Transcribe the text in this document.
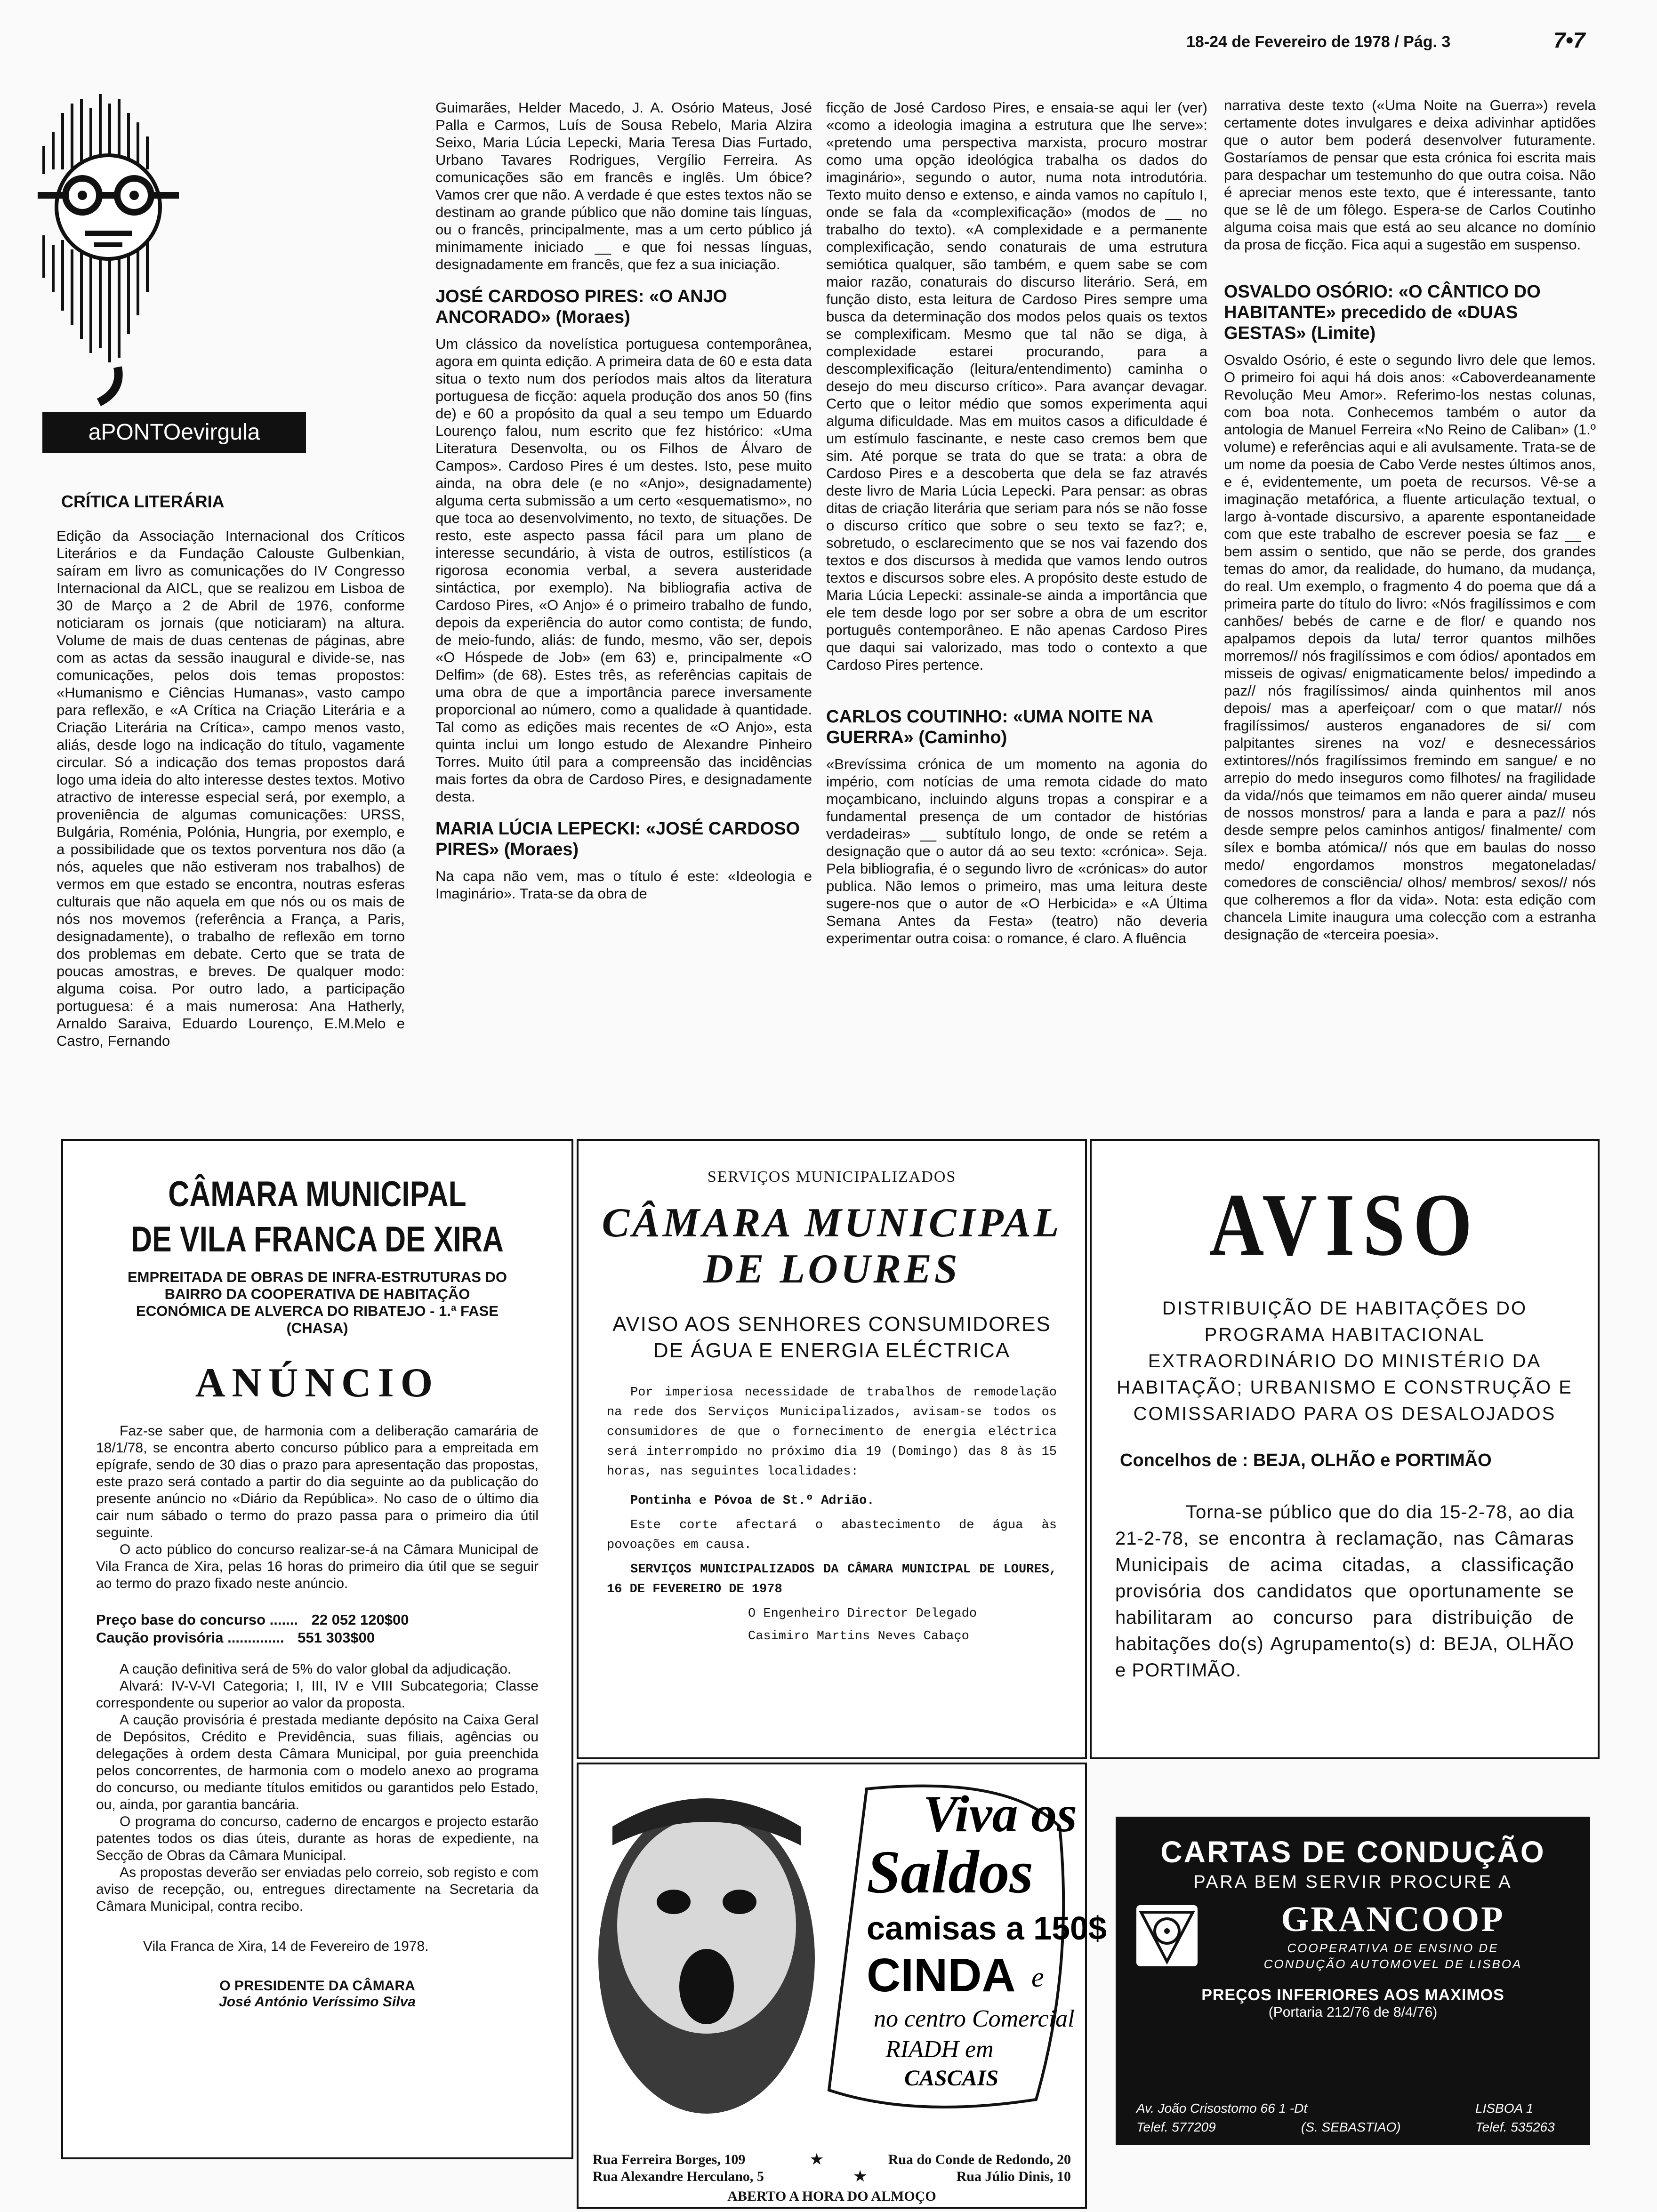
18-24 de Fevereiro de 1978 / Pág. 3	7•7
aPONTOevirgula
CRÍTICA LITERÁRIA

Edição da Associação Internacional dos Críticos Literários e da Fundação Calouste Gulbenkian, saíram em livro as comunicações do IV Congresso Internacional da AICL, que se realizou em Lisboa de 30 de Março a 2 de Abril de 1976, conforme noticiaram os jornais (que noticiaram) na altura. Volume de mais de duas centenas de páginas, abre com as actas da sessão inaugural e divide-se, nas comunicações, pelos dois temas propostos: «Humanismo e Ciências Humanas», vasto campo para reflexão, e «A Crítica na Criação Literária e a Criação Literária na Crítica», campo menos vasto, aliás, desde logo na indicação do título, vagamente circular. Só a indicação dos temas propostos dará logo uma ideia do alto interesse destes textos. Motivo atractivo de interesse especial será, por exemplo, a proveniência de algumas comunicações: URSS, Bulgária, Roménia, Polónia, Hungria, por exemplo, e a possibilidade que os textos porventura nos dão (a nós, aqueles que não estiveram nos trabalhos) de vermos em que estado se encontra, noutras esferas culturais que não aquela em que nós ou os mais de nós nos movemos (referência a França, a Paris, designadamente), o trabalho de reflexão em torno dos problemas em debate. Certo que se trata de poucas amostras, e breves. De qualquer modo: alguma coisa. Por outro lado, a participação portuguesa: é a mais numerosa: Ana Hatherly, Arnaldo Saraiva, Eduardo Lourenço, E.M.Melo e Castro, Fernando

Guimarães, Helder Macedo, J. A. Osório Mateus, José Palla e Carmos, Luís de Sousa Rebelo, Maria Alzira Seixo, Maria Lúcia Lepecki, Maria Teresa Dias Furtado, Urbano Tavares Rodrigues, Vergílio Ferreira. As comunicações são em francês e inglês. Um óbice? Vamos crer que não. A verdade é que estes textos não se destinam ao grande público que não domine tais línguas, ou o francês, principalmente, mas a um certo público já minimamente iniciado __ e que foi nessas línguas, designadamente em francês, que fez a sua iniciação.

JOSÉ CARDOSO PIRES: «O ANJO ANCORADO» (Moraes)

Um clássico da novelística portuguesa contemporânea, agora em quinta edição. A primeira data de 60 e esta data situa o texto num dos períodos mais altos da literatura portuguesa de ficção: aquela produção dos anos 50 (fins de) e 60 a propósito da qual a seu tempo um Eduardo Lourenço falou, num escrito que fez histórico: «Uma Literatura Desenvolta, ou os Filhos de Álvaro de Campos». Cardoso Pires é um destes. Isto, pese muito ainda, na obra dele (e no «Anjo», designadamente) alguma certa submissão a um certo «esquematismo», no que toca ao desenvolvimento, no texto, de situações. De resto, este aspecto passa fácil para um plano de interesse secundário, à vista de outros, estilísticos (a rigorosa economia verbal, a severa austeridade sintáctica, por exemplo). Na bibliografia activa de Cardoso Pires, «O Anjo» é o primeiro trabalho de fundo, depois da experiência do autor como contista; de fundo, de meio-fundo, aliás: de fundo, mesmo, vão ser, depois «O Hóspede de Job» (em 63) e, principalmente «O Delfim» (de 68). Estes três, as referências capitais de uma obra de que a importância parece inversamente proporcional ao número, como a qualidade à quantidade. Tal como as edições mais recentes de «O Anjo», esta quinta inclui um longo estudo de Alexandre Pinheiro Torres. Muito útil para a compreensão das incidências mais fortes da obra de Cardoso Pires, e designadamente desta.

MARIA LÚCIA LEPECKI: «JOSÉ CARDOSO PIRES» (Moraes)

Na capa não vem, mas o título é este: «Ideologia e Imaginário». Trata-se da obra de

ficção de José Cardoso Pires, e ensaia-se aqui ler (ver) «como a ideologia imagina a estrutura que lhe serve»: «pretendo uma perspectiva marxista, procuro mostrar como uma opção ideológica trabalha os dados do imaginário», segundo o autor, numa nota introdutória. Texto muito denso e extenso, e ainda vamos no capítulo I, onde se fala da «complexificação» (modos de __ no trabalho do texto). «A complexidade e a permanente complexificação, sendo conaturais de uma estrutura semiótica qualquer, são também, e quem sabe se com maior razão, conaturais do discurso literário. Será, em função disto, esta leitura de Cardoso Pires sempre uma busca da determinação dos modos pelos quais os textos se complexificam. Mesmo que tal não se diga, à complexidade estarei procurando, para a descomplexificação (leitura/entendimento) caminha o desejo do meu discurso crítico». Para avançar devagar. Certo que o leitor médio que somos experimenta aqui alguma dificuldade. Mas em muitos casos a dificuldade é um estímulo fascinante, e neste caso cremos bem que sim. Até porque se trata do que se trata: a obra de Cardoso Pires e a descoberta que dela se faz através deste livro de Maria Lúcia Lepecki. Para pensar: as obras ditas de criação literária que seriam para nós se não fosse o discurso crítico que sobre o seu texto se faz?; e, sobretudo, o esclarecimento que se nos vai fazendo dos textos e dos discursos à medida que vamos lendo outros textos e discursos sobre eles. A propósito deste estudo de Maria Lúcia Lepecki: assinale-se ainda a importância que ele tem desde logo por ser sobre a obra de um escritor português contemporâneo. E não apenas Cardoso Pires que daqui sai valorizado, mas todo o contexto a que Cardoso Pires pertence.

CARLOS COUTINHO: «UMA NOITE NA GUERRA» (Caminho)

«Brevíssima crónica de um momento na agonia do império, com notícias de uma remota cidade do mato moçambicano, incluindo alguns tropas a conspirar e a fundamental presença de um contador de histórias verdadeiras» __ subtítulo longo, de onde se retém a designação que o autor dá ao seu texto: «crónica». Seja. Pela bibliografia, é o segundo livro de «crónicas» do autor publica. Não lemos o primeiro, mas uma leitura deste sugere-nos que o autor de «O Herbicida» e «A Última Semana Antes da Festa» (teatro) não deveria experimentar outra coisa: o romance, é claro. A fluência

narrativa deste texto («Uma Noite na Guerra») revela certamente dotes invulgares e deixa adivinhar aptidões que o autor bem poderá desenvolver futuramente. Gostaríamos de pensar que esta crónica foi escrita mais para despachar um testemunho do que outra coisa. Não é apreciar menos este texto, que é interessante, tanto que se lê de um fôlego. Espera-se de Carlos Coutinho alguma coisa mais que está ao seu alcance no domínio da prosa de ficção. Fica aqui a sugestão em suspenso.

OSVALDO OSÓRIO: «O CÂNTICO DO HABITANTE» precedido de «DUAS GESTAS» (Limite)

Osvaldo Osório, é este o segundo livro dele que lemos. O primeiro foi aqui há dois anos: «Caboverdeanamente Revolução Meu Amor». Referimo-los nestas colunas, com boa nota. Conhecemos também o autor da antologia de Manuel Ferreira «No Reino de Caliban» (1.º volume) e referências aqui e ali avulsamente. Trata-se de um nome da poesia de Cabo Verde nestes últimos anos, e é, evidentemente, um poeta de recursos. Vê-se a imaginação metafórica, a fluente articulação textual, o largo à-vontade discursivo, a aparente espontaneidade com que este trabalho de escrever poesia se faz __ e bem assim o sentido, que não se perde, dos grandes temas do amor, da realidade, do humano, da mudança, do real. Um exemplo, o fragmento 4 do poema que dá a primeira parte do título do livro: «Nós fragilíssimos e com canhões/ bebés de carne e de flor/ e quando nos apalpamos depois da luta/ terror quantos milhões morremos// nós fragilíssimos e com ódios/ apontados em misseis de ogivas/ enigmaticamente belos/ impedindo a paz// nós fragilíssimos/ ainda quinhentos mil anos depois/ mas a aperfeiçoar/ com o que matar// nós fragilíssimos/ austeros enganadores de si/ com palpitantes sirenes na voz/ e desnecessários extintores//nós fragilíssimos fremindo em sangue/ e no arrepio do medo inseguros como filhotes/ na fragilidade da vida//nós que teimamos em não querer ainda/ museu de nossos monstros/ para a landa e para a paz// nós desde sempre pelos caminhos antigos/ finalmente/ com sílex e bomba atómica// nós que em baulas do nosso medo/ engordamos monstros megatoneladas/ comedores de consciência/ olhos/ membros/ sexos// nós que colheremos a flor da vida». Nota: esta edição com chancela Limite inaugura uma colecção com a estranha designação de «terceira poesia».

CÂMARA MUNICIPAL
DE VILA FRANCA DE XIRA
EMPREITADA DE OBRAS DE INFRA-ESTRUTURAS DO BAIRRO DA COOPERATIVA DE HABITAÇÃO ECONÓMICA DE ALVERCA DO RIBATEJO - 1.ª FASE (CHASA)
ANÚNCIO

Faz-se saber que, de harmonia com a deliberação camarária de 18/1/78, se encontra aberto concurso público para a empreitada em epígrafe, sendo de 30 dias o prazo para apresentação das propostas, este prazo será contado a partir do dia seguinte ao da publicação do presente anúncio no «Diário da República». No caso de o último dia cair num sábado o termo do prazo passa para o primeiro dia útil seguinte.

O acto público do concurso realizar-se-á na Câmara Municipal de Vila Franca de Xira, pelas 16 horas do primeiro dia útil que se seguir ao termo do prazo fixado neste anúncio.

Preço base do concurso ....... 22 052 120$00
Caução provisória .............. 551 303$00

A caução definitiva será de 5% do valor global da adjudicação.

Alvará: IV-V-VI Categoria; I, III, IV e VIII Subcategoria; Classe correspondente ou superior ao valor da proposta.

A caução provisória é prestada mediante depósito na Caixa Geral de Depósitos, Crédito e Previdência, suas filiais, agências ou delegações à ordem desta Câmara Municipal, por guia preenchida pelos concorrentes, de harmonia com o modelo anexo ao programa do concurso, ou mediante títulos emitidos ou garantidos pelo Estado, ou, ainda, por garantia bancária.

O programa do concurso, caderno de encargos e projecto estarão patentes todos os dias úteis, durante as horas de expediente, na Secção de Obras da Câmara Municipal.

As propostas deverão ser enviadas pelo correio, sob registo e com aviso de recepção, ou, entregues directamente na Secretaria da Câmara Municipal, contra recibo.

Vila Franca de Xira, 14 de Fevereiro de 1978.
O PRESIDENTE DA CÂMARA
José António Veríssimo Silva
SERVIÇOS MUNICIPALIZADOS
CÂMARA MUNICIPAL
DE LOURES
AVISO AOS SENHORES CONSUMIDORES DE ÁGUA E ENERGIA ELÉCTRICA

Por imperiosa necessidade de trabalhos de remodelação na rede dos Serviços Municipalizados, avisam-se todos os consumidores de que o fornecimento de energia eléctrica será interrompido no próximo dia 19 (Domingo) das 8 às 15 horas, nas seguintes localidades:

Pontinha e Póvoa de St.º Adrião.

Este corte afectará o abastecimento de água às povoações em causa.

SERVIÇOS MUNICIPALIZADOS DA CÂMARA MUNICIPAL DE LOURES, 16 DE FEVEREIRO DE 1978

O Engenheiro Director Delegado
Casimiro Martins Neves Cabaço
AVISO
DISTRIBUIÇÃO DE HABITAÇÕES DO PROGRAMA HABITACIONAL EXTRAORDINÁRIO DO MINISTÉRIO DA HABITAÇÃO; URBANISMO E CONSTRUÇÃO E COMISSARIADO PARA OS DESALOJADOS
Concelhos de : BEJA, OLHÃO e PORTIMÃO

Torna-se público que do dia 15-2-78, ao dia 21-2-78, se encontra à reclamação, nas Câmaras Municipais de acima citadas, a classificação provisória dos candidatos que oportunamente se habilitaram ao concurso para distribuição de habitações do(s) Agrupamento(s) d: BEJA, OLHÃO e PORTIMÃO.

Viva os
Saldos
camisas a 150$
CINDA e
no centro Comercial
RIADH em
CASCAIS
Rua Ferreira Borges, 109	★	Rua do Conde de Redondo, 20
Rua Alexandre Herculano, 5	★	Rua Júlio Dinis, 10
ABERTO A HORA DO ALMOÇO
CARTAS DE CONDUÇÃO
PARA BEM SERVIR PROCURE A
GRANCOOP
COOPERATIVA DE ENSINO DE
CONDUÇÃO AUTOMOVEL DE LISBOA
PREÇOS INFERIORES AOS MAXIMOS
(Portaria 212/76 de 8/4/76)
Av. João Crisostomo 66 1 -Dt	LISBOA 1
Telef. 577209	(S. SEBASTIAO)	Telef. 535263
